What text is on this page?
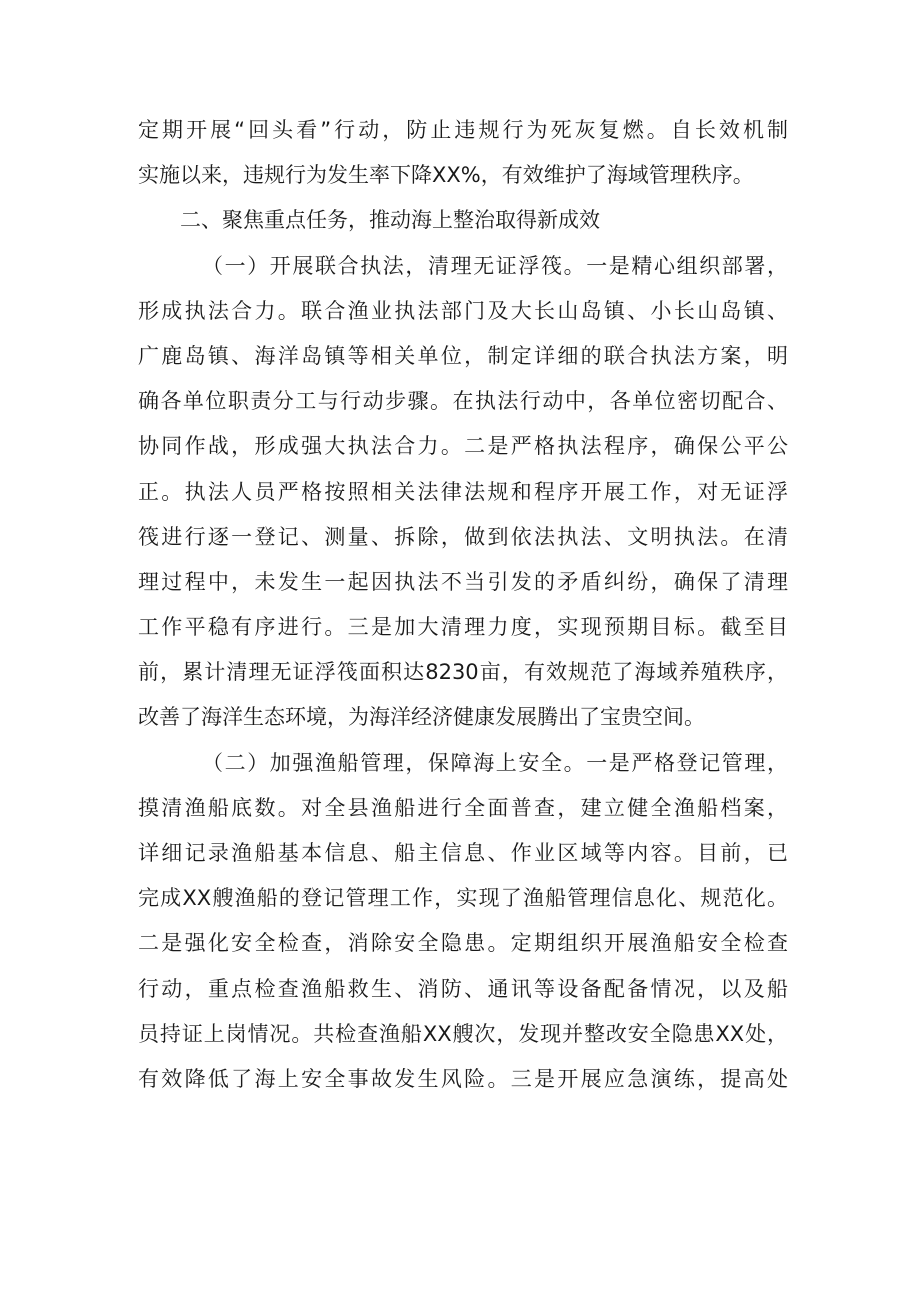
定期开展“回头看”行动，防止违规行为死灰复燃。自长效机制
实施以来，违规行为发生率下降XX%，有效维护了海域管理秩序。
二、聚焦重点任务，推动海上整治取得新成效
（一）开展联合执法，清理无证浮筏。一是精心组织部署，
形成执法合力。联合渔业执法部门及大长山岛镇、小长山岛镇、
广鹿岛镇、海洋岛镇等相关单位，制定详细的联合执法方案，明
确各单位职责分工与行动步骤。在执法行动中，各单位密切配合、
协同作战，形成强大执法合力。二是严格执法程序，确保公平公
正。执法人员严格按照相关法律法规和程序开展工作，对无证浮
筏进行逐一登记、测量、拆除，做到依法执法、文明执法。在清
理过程中，未发生一起因执法不当引发的矛盾纠纷，确保了清理
工作平稳有序进行。三是加大清理力度，实现预期目标。截至目
前，累计清理无证浮筏面积达8230亩，有效规范了海域养殖秩序，
改善了海洋生态环境，为海洋经济健康发展腾出了宝贵空间。
（二）加强渔船管理，保障海上安全。一是严格登记管理，
摸清渔船底数。对全县渔船进行全面普查，建立健全渔船档案，
详细记录渔船基本信息、船主信息、作业区域等内容。目前，已
完成XX艘渔船的登记管理工作，实现了渔船管理信息化、规范化。
二是强化安全检查，消除安全隐患。定期组织开展渔船安全检查
行动，重点检查渔船救生、消防、通讯等设备配备情况，以及船
员持证上岗情况。共检查渔船XX艘次，发现并整改安全隐患XX处，
有效降低了海上安全事故发生风险。三是开展应急演练，提高处
